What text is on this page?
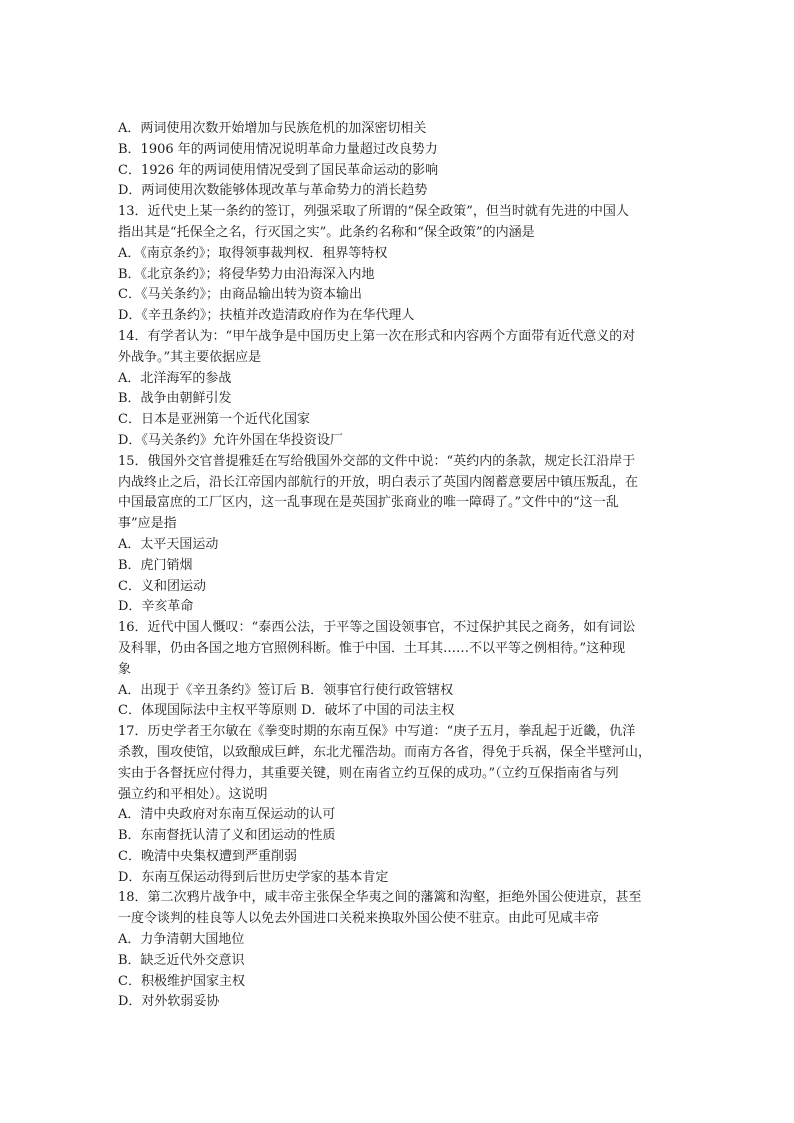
A．两词使用次数开始增加与民族危机的加深密切相关
B．1906 年的两词使用情况说明革命力量超过改良势力
C．1926 年的两词使用情况受到了国民革命运动的影响
D．两词使用次数能够体现改革与革命势力的消长趋势
13．近代史上某一条约的签订，列强采取了所谓的“保全政策”，但当时就有先进的中国人
指出其是“托保全之名，行灭国之实”。此条约名称和“保全政策”的内涵是
A．《南京条约》；取得领事裁判权．租界等特权
B．《北京条约》；将侵华势力由沿海深入内地
C．《马关条约》；由商品输出转为资本输出
D．《辛丑条约》；扶植并改造清政府作为在华代理人
14．有学者认为：“甲午战争是中国历史上第一次在形式和内容两个方面带有近代意义的对
外战争。”其主要依据应是
A．北洋海军的参战
B．战争由朝鲜引发
C．日本是亚洲第一个近代化国家
D．《马关条约》允许外国在华投资设厂
15．俄国外交官普提雅廷在写给俄国外交部的文件中说：“英约内的条款，规定长江沿岸于
内战终止之后，沿长江帝国内部航行的开放，明白表示了英国内阁蓄意要居中镇压叛乱，在
中国最富庶的工厂区内，这一乱事现在是英国扩张商业的唯一障碍了。”文件中的“这一乱
事”应是指
A．太平天国运动
B．虎门销烟
C．义和团运动
D．辛亥革命
16．近代中国人慨叹：“泰西公法，于平等之国设领事官，不过保护其民之商务，如有词讼
及科罪，仍由各国之地方官照例科断。惟于中国．土耳其……不以平等之例相待。”这种现
象
A．出现于《辛丑条约》签订后 B．领事官行使行政管辖权
C．体现国际法中主权平等原则 D．破坏了中国的司法主权
17．历史学者王尔敏在《拳变时期的东南互保》中写道：“庚子五月，拳乱起于近畿，仇洋
杀教，围攻使馆，以致酿成巨衅，东北尤罹浩劫。而南方各省，得免于兵祸，保全半壁河山，
实由于各督抚应付得力，其重要关键，则在南省立约互保的成功。”（立约互保指南省与列
强立约和平相处）。这说明
A．清中央政府对东南互保运动的认可
B．东南督抚认清了义和团运动的性质
C．晚清中央集权遭到严重削弱
D．东南互保运动得到后世历史学家的基本肯定
18．第二次鸦片战争中，咸丰帝主张保全华夷之间的藩篱和沟壑，拒绝外国公使进京，甚至
一度令谈判的桂良等人以免去外国进口关税来换取外国公使不驻京。由此可见咸丰帝
A．力争清朝大国地位
B．缺乏近代外交意识
C．积极维护国家主权
D．对外软弱妥协
